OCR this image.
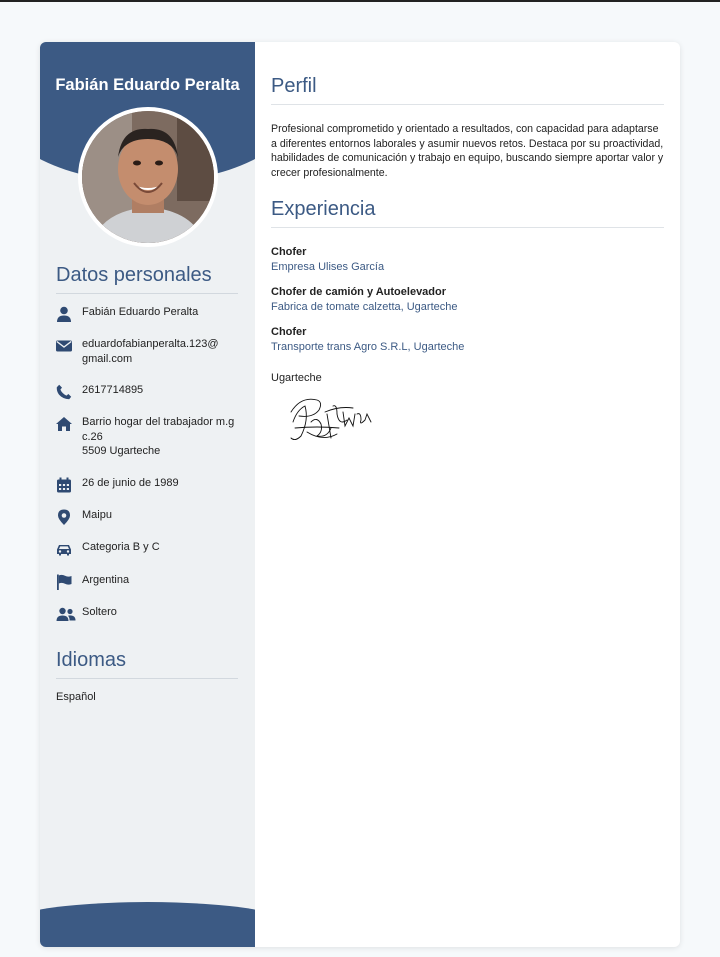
Fabián Eduardo Peralta
Datos personales
Fabián Eduardo Peralta
eduardofabianperalta.123@
gmail.com
2617714895
Barrio hogar del trabajador m.g
c.26
5509 Ugarteche
26 de junio de 1989
Maipu
Categoria B y C
Argentina
Soltero
Idiomas
Español
Perfil
Profesional comprometido y orientado a resultados, con capacidad para adaptarse a diferentes entornos laborales y asumir nuevos retos. Destaca por su proactividad, habilidades de comunicación y trabajo en equipo, buscando siempre aportar valor y crecer profesionalmente.
Experiencia
Chofer
Empresa Ulises García
Chofer de camión y Autoelevador
Fabrica de tomate calzetta, Ugarteche
Chofer
Transporte trans Agro S.R.L, Ugarteche
Ugarteche
